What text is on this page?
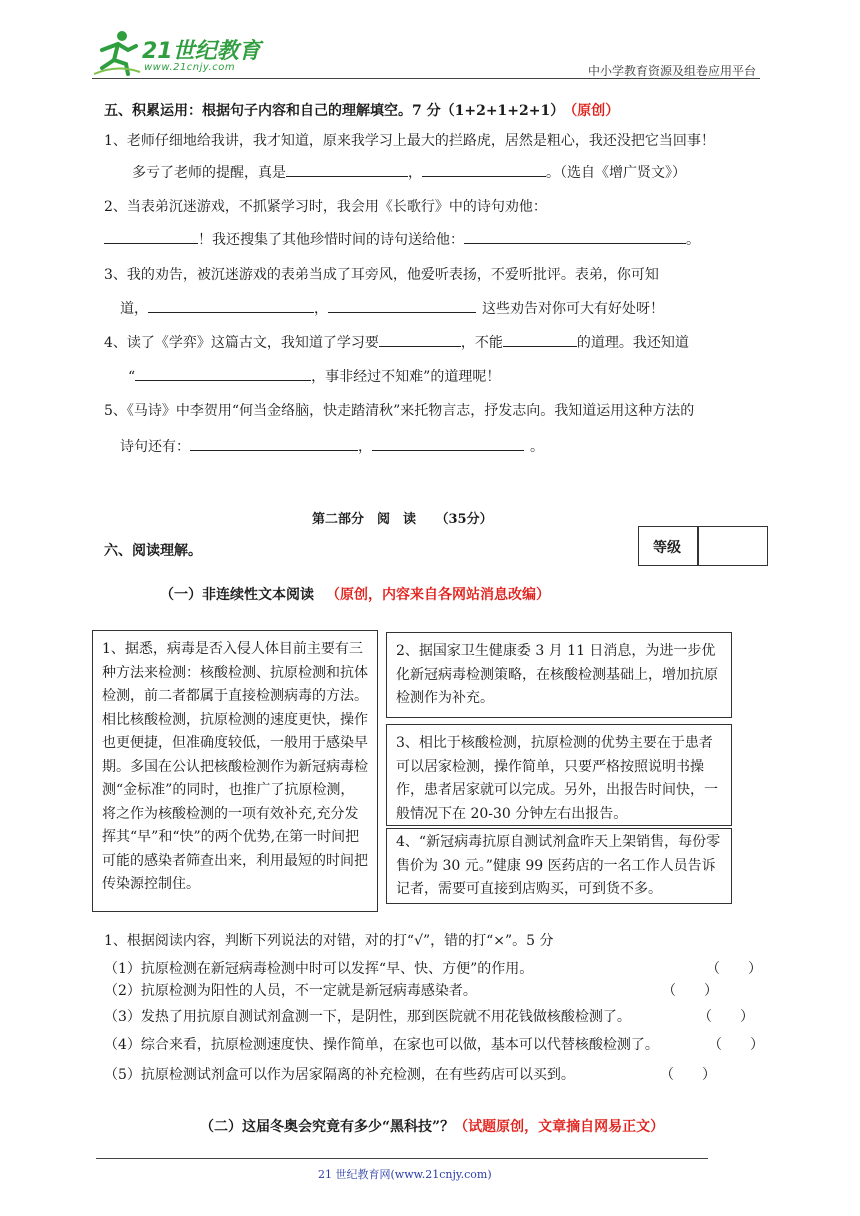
21世纪教育
www.21cnjy.com	中小学教育资源及组卷应用平台
五、积累运用：根据句子内容和自己的理解填空。7 分（1+2+1+2+1） （原创）
1、老师仔细地给我讲，我才知道，原来我学习上最大的拦路虎，居然是粗心，我还没把它当回事！
多亏了老师的提醒，真是	，	。（选自《增广贤文》）
2、当表弟沉迷游戏，不抓紧学习时，我会用《长歌行》中的诗句劝他：
！我还搜集了其他珍惜时间的诗句送给他：	。
3、我的劝告，被沉迷游戏的表弟当成了耳旁风，他爱听表扬，不爱听批评。表弟，你可知
道，	，	这些劝告对你可大有好处呀！
4、读了《学弈》这篇古文，我知道了学习要	，不能	的道理。我还知道
“	，事非经过不知难”的道理呢！
5、《马诗》中李贺用“何当金络脑，快走踏清秋”来托物言志，抒发志向。我知道运用这种方法的
诗句还有：	，	。
第二部分　阅　读　　（35分）
六、阅读理解。	等级
（一）非连续性文本阅读 （原创，内容来自各网站消息改编）
1、据悉，病毒是否入侵人体目前主要有三种方法来检测：核酸检测、抗原检测和抗体检测，前二者都属于直接检测病毒的方法。相比核酸检测，抗原检测的速度更快，操作也更便捷，但准确度较低，一般用于感染早期。多国在公认把核酸检测作为新冠病毒检测“金标准”的同时，也推广了抗原检测，将之作为核酸检测的一项有效补充,充分发挥其“早”和“快”的两个优势,在第一时间把可能的感染者筛查出来，利用最短的时间把传染源控制住。
2、据国家卫生健康委 3 月 11 日消息，为进一步优化新冠病毒检测策略，在核酸检测基础上，增加抗原检测作为补充。
3、相比于核酸检测，抗原检测的优势主要在于患者可以居家检测，操作简单，只要严格按照说明书操作，患者居家就可以完成。另外，出报告时间快，一般情况下在 20-30 分钟左右出报告。
4、“新冠病毒抗原自测试剂盒昨天上架销售，每份零售价为 30 元。”健康 99 医药店的一名工作人员告诉记者，需要可直接到店购买，可到货不多。
1、根据阅读内容，判断下列说法的对错，对的打“√”，错的打“×”。5 分
（1）抗原检测在新冠病毒检测中时可以发挥“早、快、方便”的作用。	（　　）
（2）抗原检测为阳性的人员，不一定就是新冠病毒感染者。	（　　）
（3）发热了用抗原自测试剂盒测一下，是阴性，那到医院就不用花钱做核酸检测了。	（　　）
（4）综合来看，抗原检测速度快、操作简单，在家也可以做，基本可以代替核酸检测了。	（　　）
（5）抗原检测试剂盒可以作为居家隔离的补充检测，在有些药店可以买到。	（　　）
（二）这届冬奥会究竟有多少“黑科技”？（试题原创，文章摘自网易正文）
21 世纪教育网(www.21cnjy.com)
